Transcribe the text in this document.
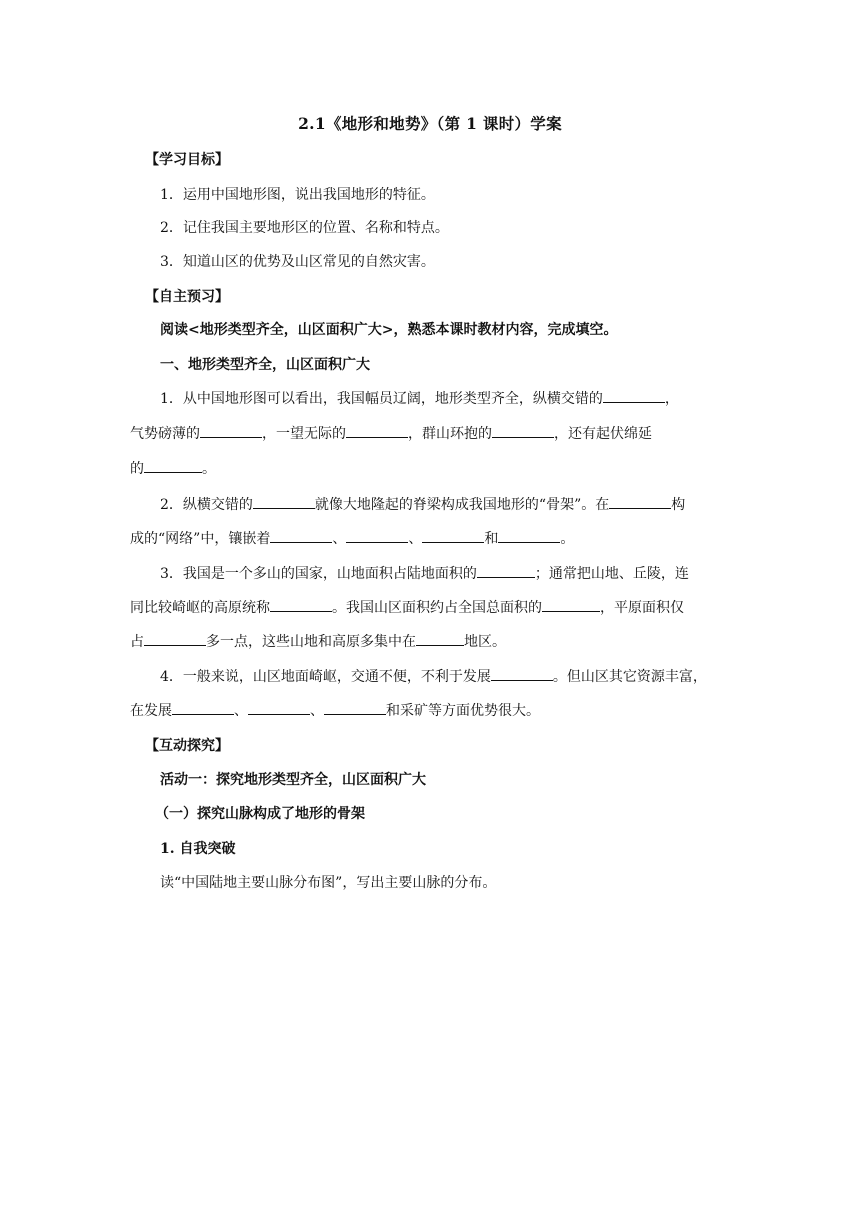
2.1《地形和地势》（第 1 课时）学案
【学习目标】
1．运用中国地形图，说出我国地形的特征。
2．记住我国主要地形区的位置、名称和特点。
3．知道山区的优势及山区常见的自然灾害。
【自主预习】
阅读<地形类型齐全，山区面积广大>，熟悉本课时教材内容，完成填空。
一、地形类型齐全，山区面积广大
1．从中国地形图可以看出，我国幅员辽阔，地形类型齐全，纵横交错的	，
气势磅薄的	，一望无际的	，群山环抱的	，还有起伏绵延
的	。
2．纵横交错的	就像大地隆起的脊梁构成我国地形的“骨架”。在	构
成的“网络”中，镶嵌着	、	、	和	。
3．我国是一个多山的国家，山地面积占陆地面积的	；通常把山地、丘陵，连
同比较崎岖的高原统称	。我国山区面积约占全国总面积的	，平原面积仅
占	多一点，这些山地和高原多集中在	地区。
4．一般来说，山区地面崎岖，交通不便，不利于发展	。但山区其它资源丰富，
在发展	、	、	和采矿等方面优势很大。
【互动探究】
活动一：探究地形类型齐全，山区面积广大
（一）探究山脉构成了地形的骨架
1. 自我突破
读“中国陆地主要山脉分布图”，写出主要山脉的分布。
